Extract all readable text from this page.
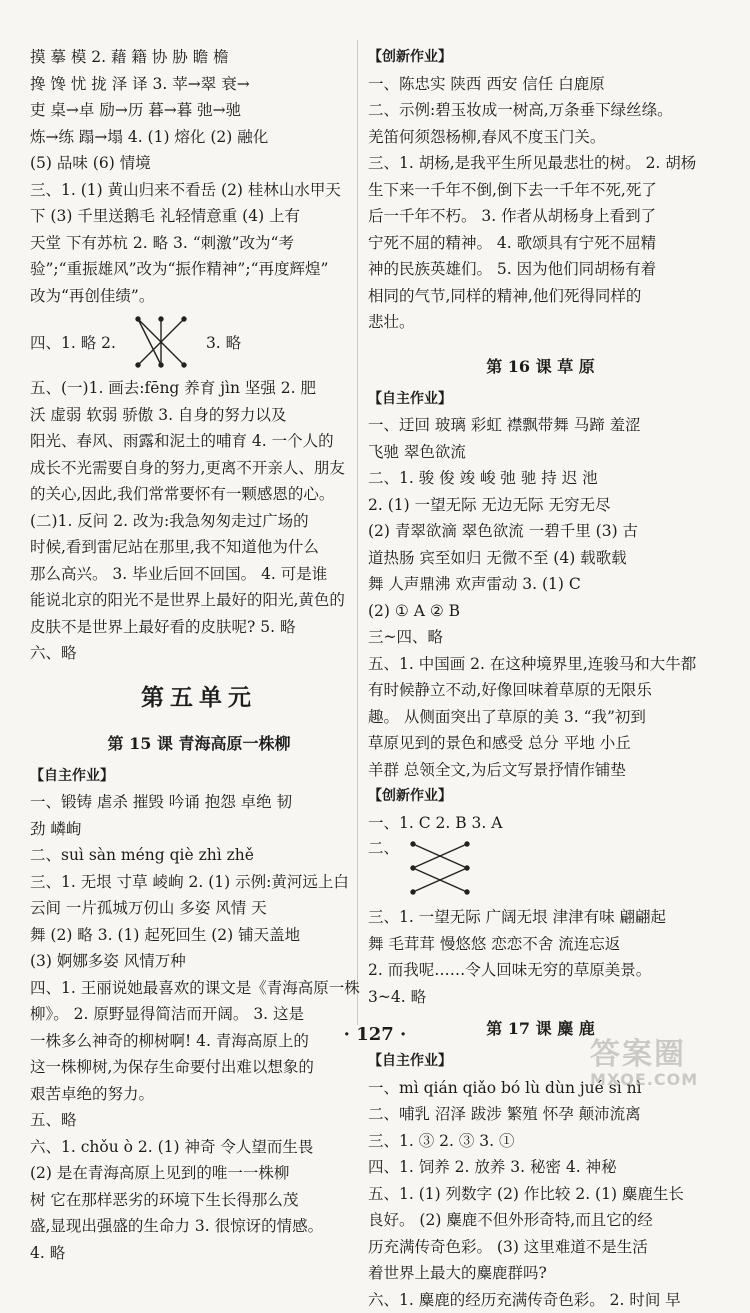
摸 摹 模 2. 藉 籍 协 胁 瞻 檐
搀 馋 忧 拢 泽 译 3. 苹→翠 衰→
吏 桌→卓 励→历 暮→暮 弛→驰
炼→练 蹋→塌 4. (1) 熔化 (2) 融化
(5) 品味 (6) 情境
三、1. (1) 黄山归来不看岳 (2) 桂林山水甲天
下 (3) 千里送鹅毛 礼轻情意重 (4) 上有
天堂 下有苏杭 2. 略 3. “刺激”改为“考
验”;“重振雄风”改为“振作精神”;“再度辉煌”
改为“再创佳绩”。
四、1. 略 2.	3. 略
五、(一)1. 画去:fēng 养育 jìn 坚强 2. 肥
沃 虚弱 软弱 骄傲 3. 自身的努力以及
阳光、春风、雨露和泥土的哺育 4. 一个人的
成长不光需要自身的努力,更离不开亲人、朋友
的关心,因此,我们常常要怀有一颗感恩的心。
(二)1. 反问 2. 改为:我急匆匆走过广场的
时候,看到雷尼站在那里,我不知道他为什么
那么高兴。 3. 毕业后回不回国。 4. 可是谁
能说北京的阳光不是世界上最好的阳光,黄色的
皮肤不是世界上最好看的皮肤呢? 5. 略
六、略
第五单元
第 15 课 青海高原一株柳
【自主作业】
一、锻铸 虐杀 摧毁 吟诵 抱怨 卓绝 韧
劲 嶙峋
二、suì sàn méng qiè zhì zhě
三、1. 无垠 寸草 崚峋 2. (1) 示例:黄河远上白
云间 一片孤城万仞山 多姿 风情 天
舞 (2) 略 3. (1) 起死回生 (2) 铺天盖地
(3) 婀娜多姿 风情万种
四、1. 王丽说她最喜欢的课文是《青海高原一株
柳》。 2. 原野显得简洁而开阔。 3. 这是
一株多么神奇的柳树啊! 4. 青海高原上的
这一株柳树,为保存生命要付出难以想象的
艰苦卓绝的努力。
五、略
六、1. chǒu ò 2. (1) 神奇 令人望而生畏
(2) 是在青海高原上见到的唯一一株柳
树 它在那样恶劣的环境下生长得那么茂
盛,显现出强盛的生命力 3. 很惊讶的情感。
4. 略
【创新作业】
一、陈忠实 陕西 西安 信任 白鹿原
二、示例:碧玉妆成一树高,万条垂下绿丝绦。
羌笛何须怨杨柳,春风不度玉门关。
三、1. 胡杨,是我平生所见最悲壮的树。 2. 胡杨
生下来一千年不倒,倒下去一千年不死,死了
后一千年不朽。 3. 作者从胡杨身上看到了
宁死不屈的精神。 4. 歌颂具有宁死不屈精
神的民族英雄们。 5. 因为他们同胡杨有着
相同的气节,同样的精神,他们死得同样的
悲壮。
第 16 课 草 原
【自主作业】
一、迂回 玻璃 彩虹 襟飘带舞 马蹄 羞涩
飞驰 翠色欲流
二、1. 骏 俊 竣 峻 弛 驰 持 迟 池
2. (1) 一望无际 无边无际 无穷无尽
(2) 青翠欲滴 翠色欲流 一碧千里 (3) 古
道热肠 宾至如归 无微不至 (4) 载歌载
舞 人声鼎沸 欢声雷动 3. (1) C
(2) ① A ② B
三~四、略
五、1. 中国画 2. 在这种境界里,连骏马和大牛都
有时候静立不动,好像回味着草原的无限乐
趣。 从侧面突出了草原的美 3. “我”初到
草原见到的景色和感受 总分 平地 小丘
羊群 总领全文,为后文写景抒情作铺垫
【创新作业】
一、1. C 2. B 3. A
二、
三、1. 一望无际 广阔无垠 津津有味 翩翩起
舞 毛茸茸 慢悠悠 恋恋不舍 流连忘返
2. 而我呢……令人回味无穷的草原美景。
3~4. 略
第 17 课 麋 鹿
【自主作业】
一、mì qián qiǎo bó lù dùn jué sì nì
二、哺乳 沼泽 跋涉 繁殖 怀孕 颠沛流离
三、1. ③ 2. ③ 3. ①
四、1. 饲养 2. 放养 3. 秘密 4. 神秘
五、1. (1) 列数字 (2) 作比较 2. (1) 麋鹿生长
良好。 (2) 麋鹿不但外形奇特,而且它的经
历充满传奇色彩。 (3) 这里难道不是生活
着世界上最大的麋鹿群吗?
六、1. 麋鹿的经历充满传奇色彩。 2. 时间 早
· 127 ·
答案圈
MXQE.COM
